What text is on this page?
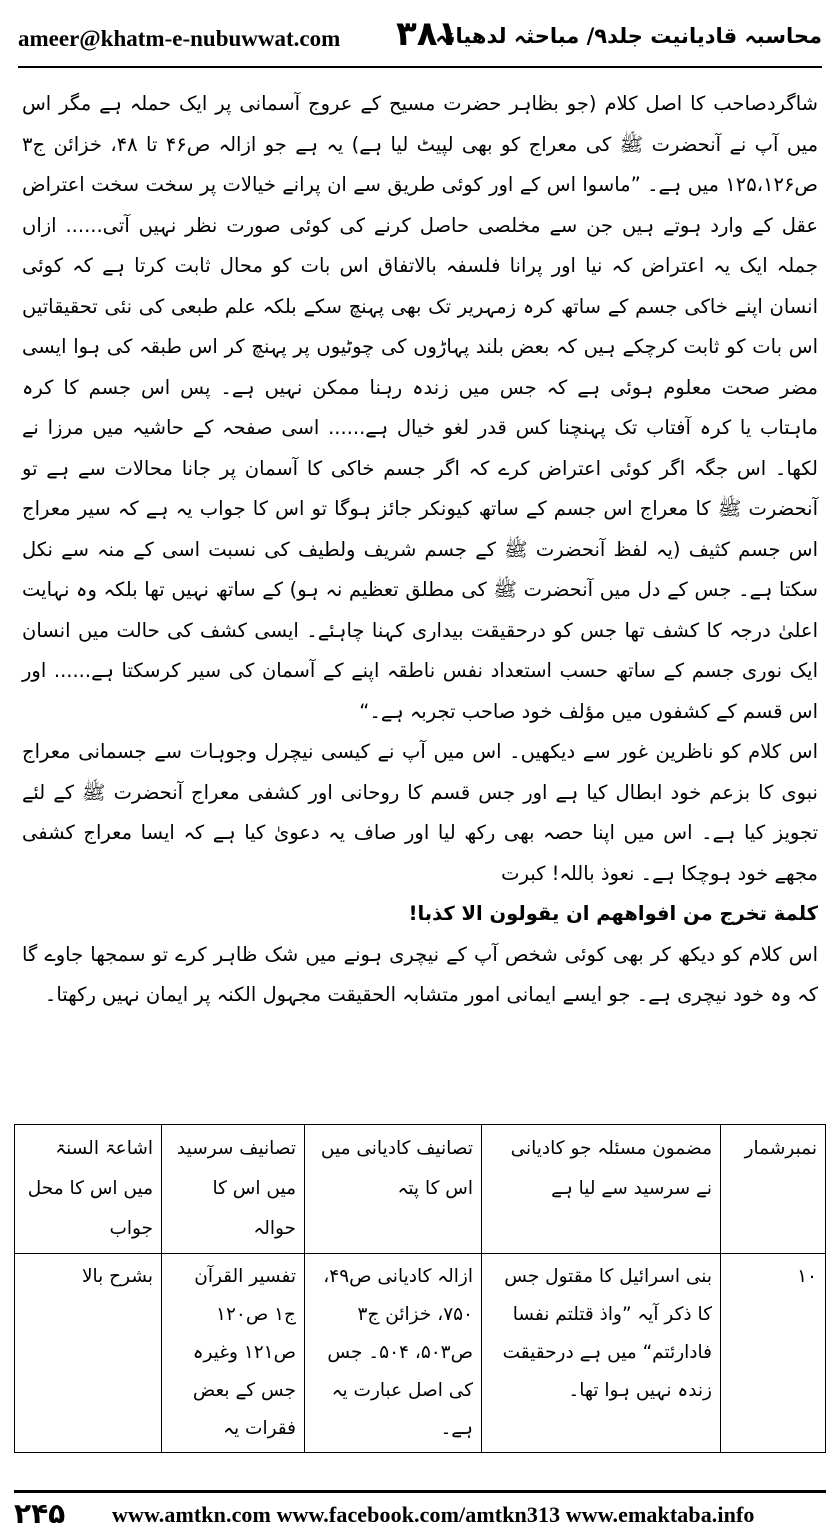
ameer@khatm-e-nubuwwat.com ۳۸۱
محاسبہ قادیانیت جلد۹/ مباحثہ لدھیانہ

شاگردصاحب کا اصل کلام (جو بظاہر حضرت مسیح کے عروج آسمانی پر ایک حملہ ہے مگر اس میں آپ نے آنحضرت ﷺ کی معراج کو بھی لپیٹ لیا ہے) یہ ہے جو ازالہ ص۴۶ تا ۴۸، خزائن ج۳ ص۱۲۵،۱۲۶ میں ہے۔ ”ماسوا اس کے اور کوئی طریق سے ان پرانے خیالات پر سخت سخت اعتراض عقل کے وارد ہوتے ہیں جن سے مخلصی حاصل کرنے کی کوئی صورت نظر نہیں آتی...... ازاں جملہ ایک یہ اعتراض کہ نیا اور پرانا فلسفہ بالاتفاق اس بات کو محال ثابت کرتا ہے کہ کوئی انسان اپنے خاکی جسم کے ساتھ کرہ زمہریر تک بھی پہنچ سکے بلکہ علم طبعی کی نئی تحقیقاتیں اس بات کو ثابت کرچکے ہیں کہ بعض بلند پہاڑوں کی چوٹیوں پر پہنچ کر اس طبقہ کی ہوا ایسی مضر صحت معلوم ہوئی ہے کہ جس میں زندہ رہنا ممکن نہیں ہے۔ پس اس جسم کا کرہ ماہتاب یا کرہ آفتاب تک پہنچنا کس قدر لغو خیال ہے...... اسی صفحہ کے حاشیہ میں مرزا نے لکھا۔ اس جگہ اگر کوئی اعتراض کرے کہ اگر جسم خاکی کا آسمان پر جانا محالات سے ہے تو آنحضرت ﷺ کا معراج اس جسم کے ساتھ کیونکر جائز ہوگا تو اس کا جواب یہ ہے کہ سیر معراج اس جسم کثیف (یہ لفظ آنحضرت ﷺ کے جسم شریف ولطیف کی نسبت اسی کے منہ سے نکل سکتا ہے۔ جس کے دل میں آنحضرت ﷺ کی مطلق تعظیم نہ ہو) کے ساتھ نہیں تھا بلکہ وہ نہایت اعلیٰ درجہ کا کشف تھا جس کو درحقیقت بیداری کہنا چاہئے۔ ایسی کشف کی حالت میں انسان ایک نوری جسم کے ساتھ حسب استعداد نفس ناطقہ اپنے کے آسمان کی سیر کرسکتا ہے...... اور اس قسم کے کشفوں میں مؤلف خود صاحب تجربہ ہے۔“

اس کلام کو ناظرین غور سے دیکھیں۔ اس میں آپ نے کیسی نیچرل وجوہات سے جسمانی معراج نبوی کا بزعم خود ابطال کیا ہے اور جس قسم کا روحانی اور کشفی معراج آنحضرت ﷺ کے لئے تجویز کیا ہے۔ اس میں اپنا حصہ بھی رکھ لیا اور صاف یہ دعویٰ کیا ہے کہ ایسا معراج کشفی مجھے خود ہوچکا ہے۔ نعوذ باللہ! کبرت

كلمة تخرج من افواههم ان يقولون الا كذبا!

اس کلام کو دیکھ کر بھی کوئی شخص آپ کے نیچری ہونے میں شک ظاہر کرے تو سمجھا جاوے گا کہ وہ خود نیچری ہے۔ جو ایسے ایمانی امور متشابہ الحقیقت مجہول الکنہ پر ایمان نہیں رکھتا۔

نمبرشمار	مضمون مسئلہ جو کادیانی نے سرسید سے لیا ہے	تصانیف کادیانی میں اس کا پتہ	تصانیف سرسید میں اس کا حوالہ	اشاعۃ السنۃ میں اس کا محل جواب
۱۰	بنی اسرائیل کا مقتول جس کا ذکر آیہ ”واذ قتلتم نفسا فادارئتم“ میں ہے درحقیقت زندہ نہیں ہوا تھا۔	ازالہ کادیانی ص۴۹، ۷۵۰، خزائن ج۳ ص۵۰۳، ۵۰۴۔ جس کی اصل عبارت یہ ہے۔	تفسیر القرآن ج۱ ص۱۲۰ ص۱۲۱ وغیرہ جس کے بعض فقرات یہ	بشرح بالا
۲۴۵ www.amtkn.com www.facebook.com/amtkn313 www.emaktaba.info
